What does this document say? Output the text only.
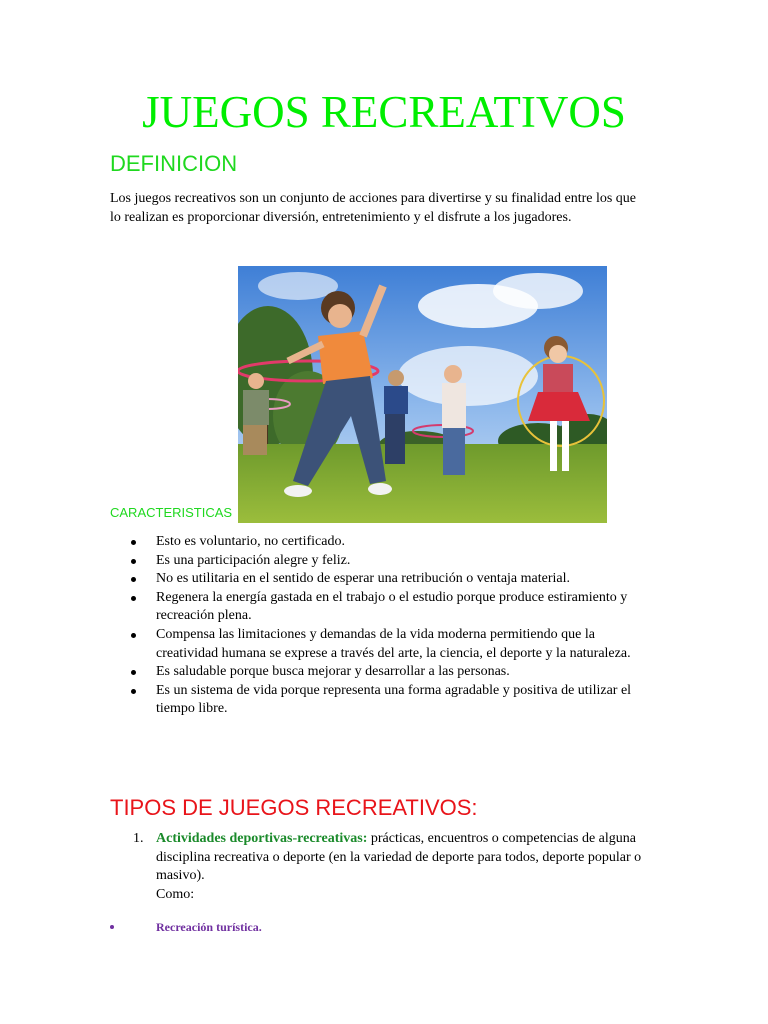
JUEGOS RECREATIVOS
DEFINICION

Los juegos recreativos son un conjunto de acciones para divertirse y su finalidad entre los que lo realizan es proporcionar diversión, entretenimiento y el disfrute a los jugadores.

CARACTERISTICAS
Esto es voluntario, no certificado.
Es una participación alegre y feliz.
No es utilitaria en el sentido de esperar una retribución o ventaja material.
Regenera la energía gastada en el trabajo o el estudio porque produce estiramiento y recreación plena.
Compensa las limitaciones y demandas de la vida moderna permitiendo que la creatividad humana se exprese a través del arte, la ciencia, el deporte y la naturaleza.
Es saludable porque busca mejorar y desarrollar a las personas.
Es un sistema de vida porque representa una forma agradable y positiva de utilizar el tiempo libre.
TIPOS DE JUEGOS RECREATIVOS:
1. Actividades deportivas-recreativas: prácticas, encuentros o competencias de alguna disciplina recreativa o deporte (en la variedad de deporte para todos, deporte popular o masivo).
Como:
Recreación turística.
